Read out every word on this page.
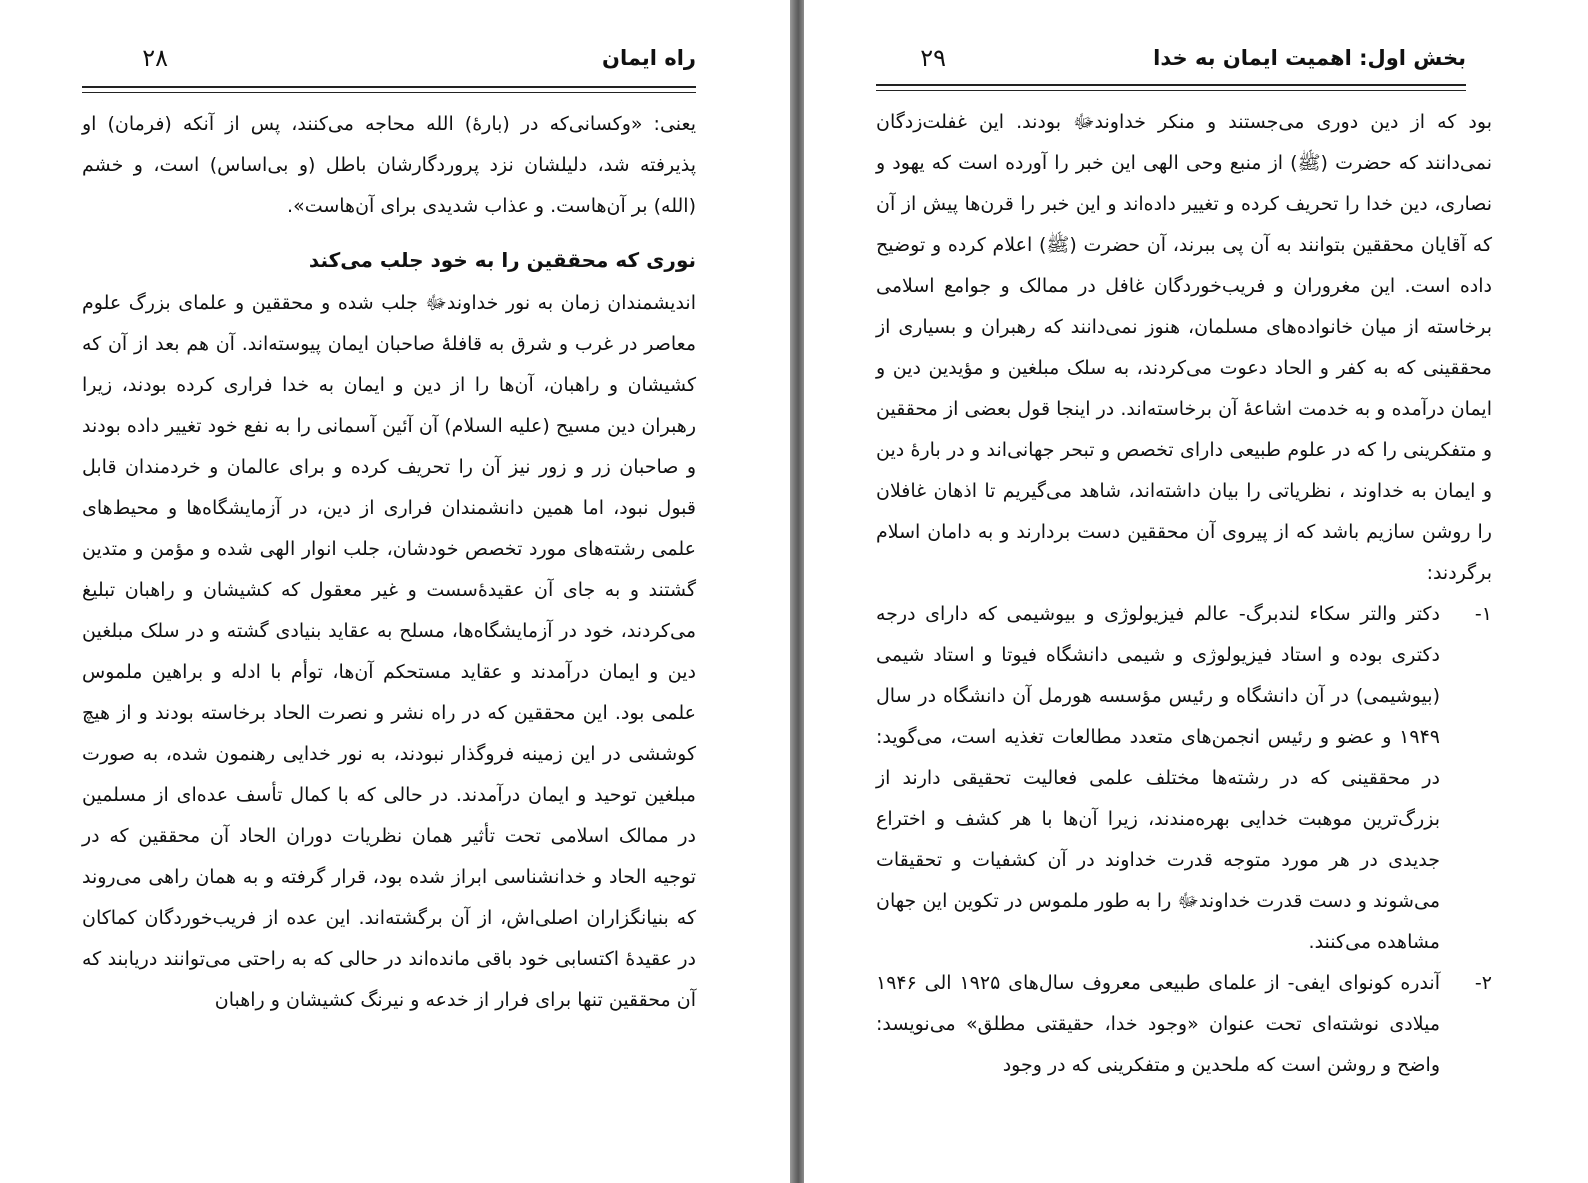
راه ایمان
۲۸

یعنی: «وکسانی‌که در (بارۀ) الله محاجه می‌کنند، پس از آنکه (فرمان) او پذیرفته شد، دلیلشان نزد پروردگارشان باطل (و بی‌اساس) است، و خشم (الله) بر آن‌هاست. و عذاب شدیدی برای آن‌هاست».

نوری که محققین را به خود جلب می‌کند

اندیشمندان زمان به نور خداوندﷻ جلب شده و محققین و علمای بزرگ علوم معاصر در غرب و شرق به قافلۀ صاحبان ایمان پیوسته‌اند. آن هم بعد از آن که کشیشان و راهبان، آن‌ها را از دین و ایمان به خدا فراری کرده بودند، زیرا رهبران دین مسیح (علیه السلام) آن آئین آسمانی را به نفع خود تغییر داده بودند و صاحبان زر و زور نیز آن را تحریف کرده و برای عالمان و خردمندان قابل قبول نبود، اما همین دانشمندان فراری از دین، در آزمایشگاه‌ها و محیط‌های علمی رشته‌های مورد تخصص خودشان، جلب انوار الهی شده و مؤمن و متدین گشتند و به جای آن عقیدۀسست و غیر معقول که کشیشان و راهبان تبلیغ می‌کردند، خود در آزمایشگاه‌ها، مسلح به عقاید بنیادی گشته و در سلک مبلغین دین و ایمان درآمدند و عقاید مستحکم آن‌ها، توأم با ادله و براهین ملموس علمی بود. این محققین که در راه نشر و نصرت الحاد برخاسته بودند و از هیچ کوششی در این زمینه فروگذار نبودند، به نور خدایی رهنمون شده، به صورت مبلغین توحید و ایمان درآمدند. در حالی که با کمال تأسف عده‌ای از مسلمین در ممالک اسلامی تحت تأثیر همان نظریات دوران الحاد آن محققین که در توجیه الحاد و خدانشناسی ابراز شده بود، قرار گرفته و به همان راهی می‌روند که بنیانگزاران اصلی‌اش، از آن برگشته‌اند. این عده از فریب‌خوردگان کماکان در عقیدۀ اکتسابی خود باقی مانده‌اند در حالی که به راحتی می‌توانند دریابند که آن محققین تنها برای فرار از خدعه و نیرنگ کشیشان و راهبان

بخش اول: اهمیت ایمان به خدا
۲۹

بود که از دین دوری می‌جستند و منکر خداوندﷻ بودند. این غفلت‌زدگان نمی‌دانند که حضرت (ﷺ) از منبع وحی الهی این خبر را آورده است که یهود و نصاری، دین خدا را تحریف کرده و تغییر داده‌اند و این خبر را قرن‌ها پیش از آن که آقایان محققین بتوانند به آن پی ببرند، آن حضرت (ﷺ) اعلام کرده و توضیح داده است. این مغروران و فریب‌خوردگان غافل در ممالک و جوامع اسلامی برخاسته از میان خانواده‌های مسلمان، هنوز نمی‌دانند که رهبران و بسیاری از محققینی که به کفر و الحاد دعوت می‌کردند، به سلک مبلغین و مؤیدین دین و ایمان درآمده و به خدمت اشاعۀ آن برخاسته‌اند. در اینجا قول بعضی از محققین و متفکرینی را که در علوم طبیعی دارای تخصص و تبحر جهانی‌اند و در بارۀ دین و ایمان به خداوند ، نظریاتی را بیان داشته‌اند، شاهد می‌گیریم تا اذهان غافلان را روشن سازیم باشد که از پیروی آن محققین دست بردارند و به دامان اسلام برگردند:

۱-

دکتر والتر سکاء لندبرگ- عالم فیزیولوژی و بیوشیمی که دارای درجه دکتری بوده و استاد فیزیولوژی و شیمی دانشگاه فیوتا و استاد شیمی (بیوشیمی) در آن دانشگاه و رئیس مؤسسه هورمل آن دانشگاه در سال ۱۹۴۹ و عضو و رئیس انجمن‌های متعدد مطالعات تغذیه است، می‌گوید: در محققینی که در رشته‌ها مختلف علمی فعالیت تحقیقی دارند از بزرگ‌ترین موهبت خدایی بهره‌مندند، زیرا آن‌ها با هر کشف و اختراع جدیدی در هر مورد متوجه قدرت خداوند در آن کشفیات و تحقیقات می‌شوند و دست قدرت خداوندﷻ را به طور ملموس در تکوین این جهان مشاهده می‌کنند.

۲-

آندره کونوای ایفی- از علمای طبیعی معروف سال‌های ۱۹۲۵ الی ۱۹۴۶ میلادی نوشته‌ای تحت عنوان «وجود خدا، حقیقتی مطلق» می‌نویسد: واضح و روشن است که ملحدین و متفکرینی که در وجود
